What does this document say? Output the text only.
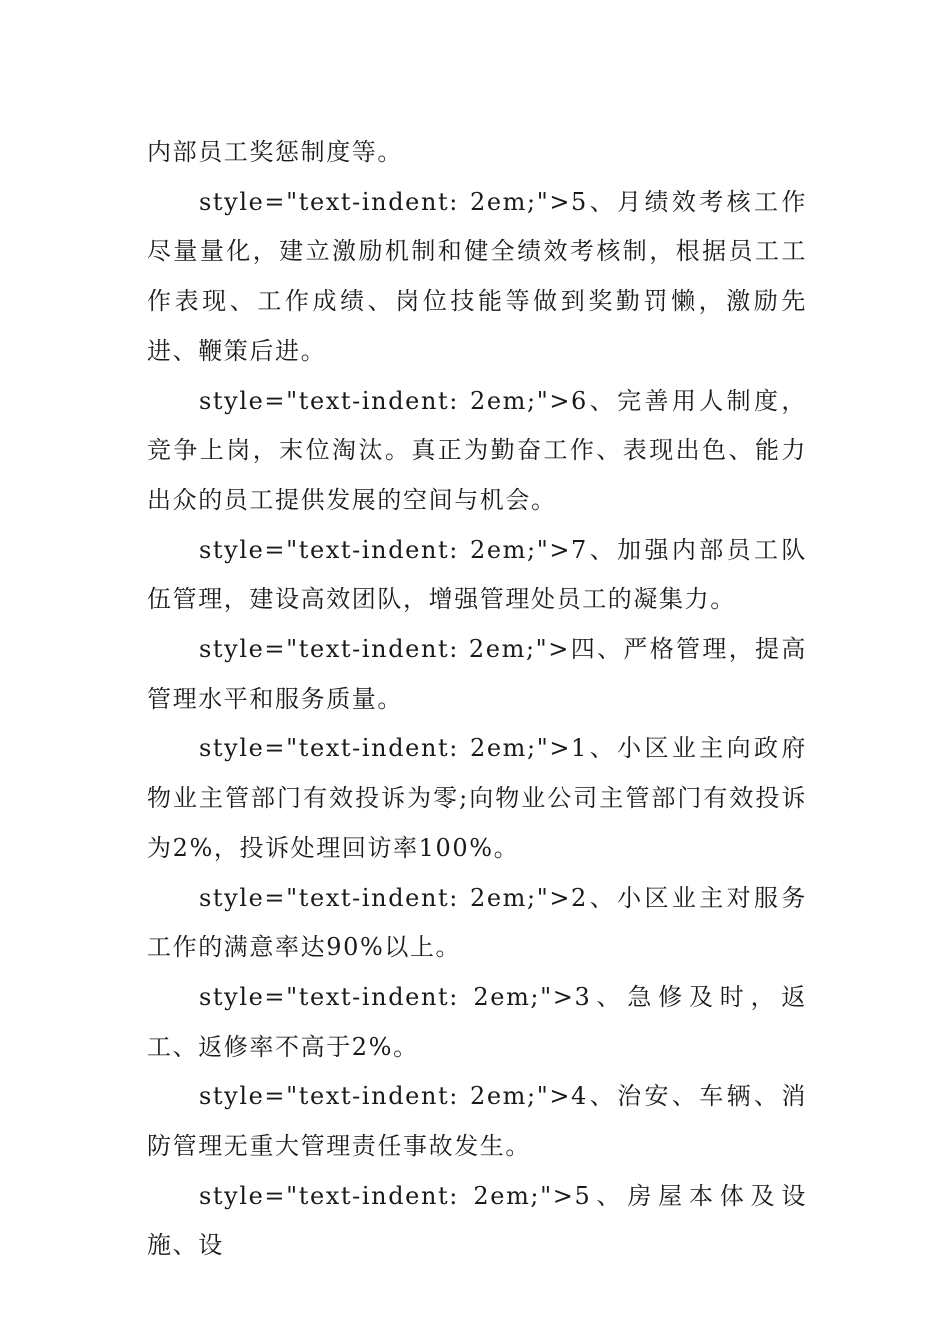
内部员工奖惩制度等。

style="text-indent: 2em;">5、月绩效考核工作尽量量化，建立激励机制和健全绩效考核制，根据员工工作表现、工作成绩、岗位技能等做到奖勤罚懒，激励先进、鞭策后进。

style="text-indent: 2em;">6、完善用人制度，竞争上岗，末位淘汰。真正为勤奋工作、表现出色、能力出众的员工提供发展的空间与机会。

style="text-indent: 2em;">7、加强内部员工队伍管理，建设高效团队，增强管理处员工的凝集力。

style="text-indent: 2em;">四、严格管理，提高管理水平和服务质量。

style="text-indent: 2em;">1、小区业主向政府物业主管部门有效投诉为零;向物业公司主管部门有效投诉为2%，投诉处理回访率100%。

style="text-indent: 2em;">2、小区业主对服务工作的满意率达90%以上。

style="text-indent: 2em;">3、急修及时，返工、返修率不高于2%。

style="text-indent: 2em;">4、治安、车辆、消防管理无重大管理责任事故发生。

style="text-indent: 2em;">5、房屋本体及设施、设
